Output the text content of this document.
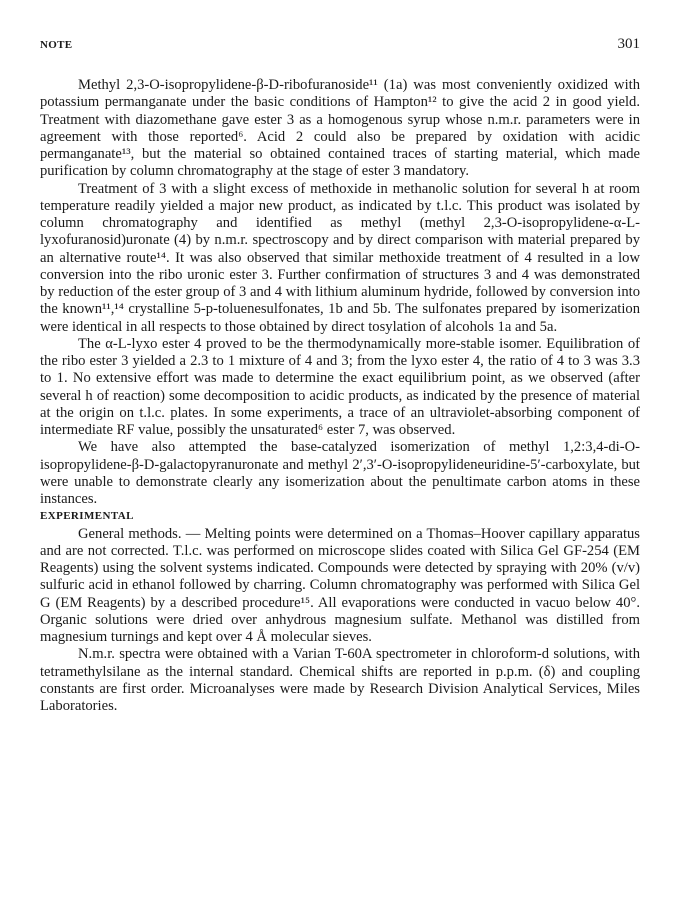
NOTE	301

Methyl 2,3-O-isopropylidene-β-D-ribofuranoside¹¹ (1a) was most conveniently oxidized with potassium permanganate under the basic conditions of Hampton¹² to give the acid 2 in good yield. Treatment with diazomethane gave ester 3 as a homogenous syrup whose n.m.r. parameters were in agreement with those reported⁶. Acid 2 could also be prepared by oxidation with acidic permanganate¹³, but the material so obtained contained traces of starting material, which made purification by column chromatography at the stage of ester 3 mandatory.

Treatment of 3 with a slight excess of methoxide in methanolic solution for several h at room temperature readily yielded a major new product, as indicated by t.l.c. This product was isolated by column chromatography and identified as methyl (methyl 2,3-O-isopropylidene-α-L-lyxofuranosid)uronate (4) by n.m.r. spectroscopy and by direct comparison with material prepared by an alternative route¹⁴. It was also observed that similar methoxide treatment of 4 resulted in a low conversion into the ribo uronic ester 3. Further confirmation of structures 3 and 4 was demonstrated by reduction of the ester group of 3 and 4 with lithium aluminum hydride, followed by conversion into the known¹¹,¹⁴ crystalline 5-p-toluenesulfonates, 1b and 5b. The sulfonates prepared by isomerization were identical in all respects to those obtained by direct tosylation of alcohols 1a and 5a.

The α-L-lyxo ester 4 proved to be the thermodynamically more-stable isomer. Equilibration of the ribo ester 3 yielded a 2.3 to 1 mixture of 4 and 3; from the lyxo ester 4, the ratio of 4 to 3 was 3.3 to 1. No extensive effort was made to determine the exact equilibrium point, as we observed (after several h of reaction) some decomposition to acidic products, as indicated by the presence of material at the origin on t.l.c. plates. In some experiments, a trace of an ultraviolet-absorbing component of intermediate RF value, possibly the unsaturated⁶ ester 7, was observed.

We have also attempted the base-catalyzed isomerization of methyl 1,2:3,4-di-O-isopropylidene-β-D-galactopyranuronate and methyl 2′,3′-O-isopropylideneuridine-5′-carboxylate, but were unable to demonstrate clearly any isomerization about the penultimate carbon atoms in these instances.

EXPERIMENTAL

General methods. — Melting points were determined on a Thomas–Hoover capillary apparatus and are not corrected. T.l.c. was performed on microscope slides coated with Silica Gel GF-254 (EM Reagents) using the solvent systems indicated. Compounds were detected by spraying with 20% (v/v) sulfuric acid in ethanol followed by charring. Column chromatography was performed with Silica Gel G (EM Reagents) by a described procedure¹⁵. All evaporations were conducted in vacuo below 40°. Organic solutions were dried over anhydrous magnesium sulfate. Methanol was distilled from magnesium turnings and kept over 4 Å molecular sieves.

N.m.r. spectra were obtained with a Varian T-60A spectrometer in chloroform-d solutions, with tetramethylsilane as the internal standard. Chemical shifts are reported in p.p.m. (δ) and coupling constants are first order. Microanalyses were made by Research Division Analytical Services, Miles Laboratories.
